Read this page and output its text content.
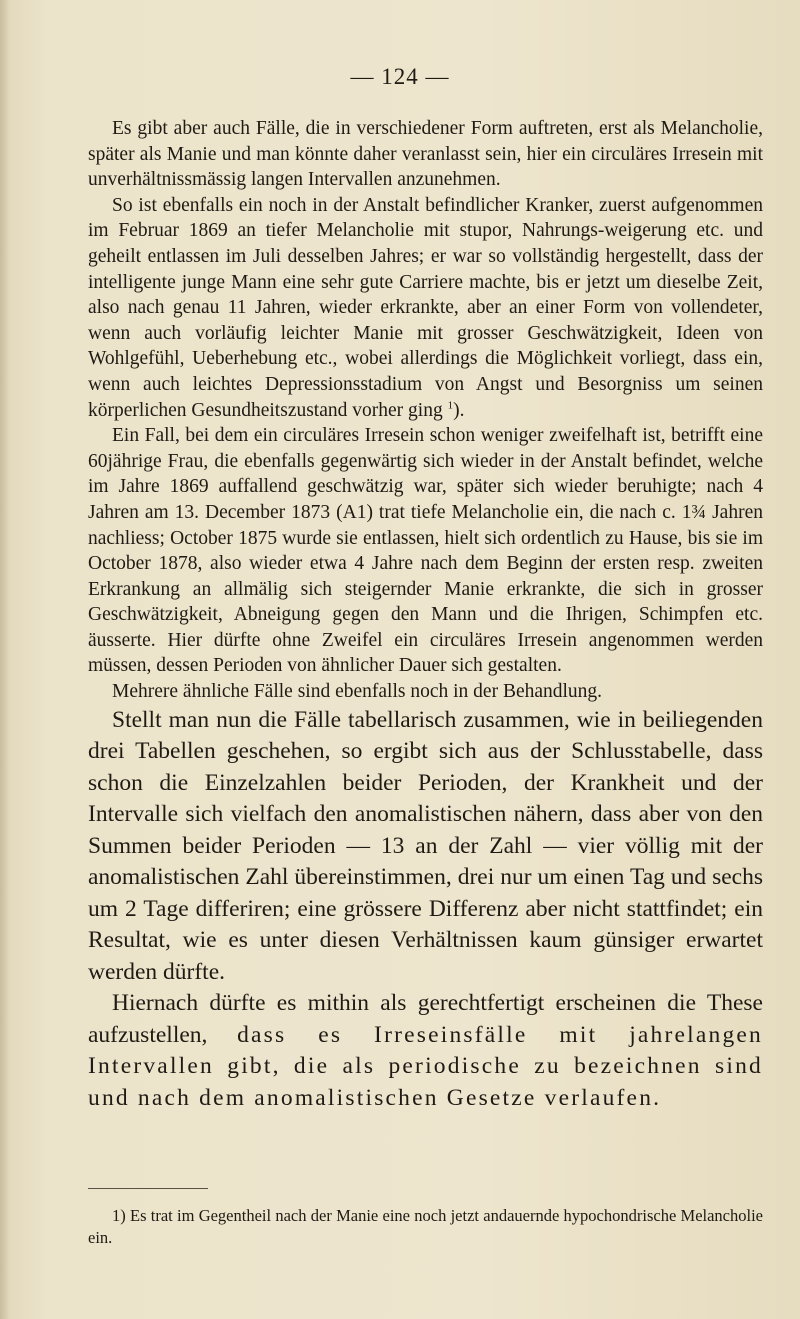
— 124 —

Es gibt aber auch Fälle, die in verschiedener Form auftreten, erst als Melancholie, später als Manie und man könnte daher veranlasst sein, hier ein circuläres Irresein mit unverhältnissmässig langen Intervallen anzunehmen.

So ist ebenfalls ein noch in der Anstalt befindlicher Kranker, zuerst aufgenommen im Februar 1869 an tiefer Melancholie mit stupor, Nahrungs-weigerung etc. und geheilt entlassen im Juli desselben Jahres; er war so vollständig hergestellt, dass der intelligente junge Mann eine sehr gute Carriere machte, bis er jetzt um dieselbe Zeit, also nach genau 11 Jahren, wieder erkrankte, aber an einer Form von vollendeter, wenn auch vorläufig leichter Manie mit grosser Geschwätzigkeit, Ideen von Wohlgefühl, Ueberhebung etc., wobei allerdings die Möglichkeit vorliegt, dass ein, wenn auch leichtes Depressionsstadium von Angst und Besorgniss um seinen körperlichen Gesundheitszustand vorher ging $^1$).

Ein Fall, bei dem ein circuläres Irresein schon weniger zweifelhaft ist, betrifft eine 60jährige Frau, die ebenfalls gegenwärtig sich wieder in der Anstalt befindet, welche im Jahre 1869 auffallend geschwätzig war, später sich wieder beruhigte; nach 4 Jahren am 13. December 1873 (A1) trat tiefe Melancholie ein, die nach c. 1¾ Jahren nachliess; October 1875 wurde sie entlassen, hielt sich ordentlich zu Hause, bis sie im October 1878, also wieder etwa 4 Jahre nach dem Beginn der ersten resp. zweiten Erkrankung an allmälig sich steigernder Manie erkrankte, die sich in grosser Geschwätzigkeit, Abneigung gegen den Mann und die Ihrigen, Schimpfen etc. äusserte. Hier dürfte ohne Zweifel ein circuläres Irresein angenommen werden müssen, dessen Perioden von ähnlicher Dauer sich gestalten.

Mehrere ähnliche Fälle sind ebenfalls noch in der Behandlung.

Stellt man nun die Fälle tabellarisch zusammen, wie in beiliegenden drei Tabellen geschehen, so ergibt sich aus der Schlusstabelle, dass schon die Einzelzahlen beider Perioden, der Krankheit und der Intervalle sich vielfach den anomalistischen nähern, dass aber von den Summen beider Perioden — 13 an der Zahl — vier völlig mit der anomalistischen Zahl übereinstimmen, drei nur um einen Tag und sechs um 2 Tage differiren; eine grössere Differenz aber nicht stattfindet; ein Resultat, wie es unter diesen Verhältnissen kaum günsiger erwartet werden dürfte.

Hiernach dürfte es mithin als gerechtfertigt erscheinen die These aufzustellen, dass es Irreseinsfälle mit jahrelangen Intervallen gibt, die als periodische zu bezeichnen sind und nach dem anomalistischen Gesetze verlaufen.

1) Es trat im Gegentheil nach der Manie eine noch jetzt andauernde hypochondrische Melancholie ein.
